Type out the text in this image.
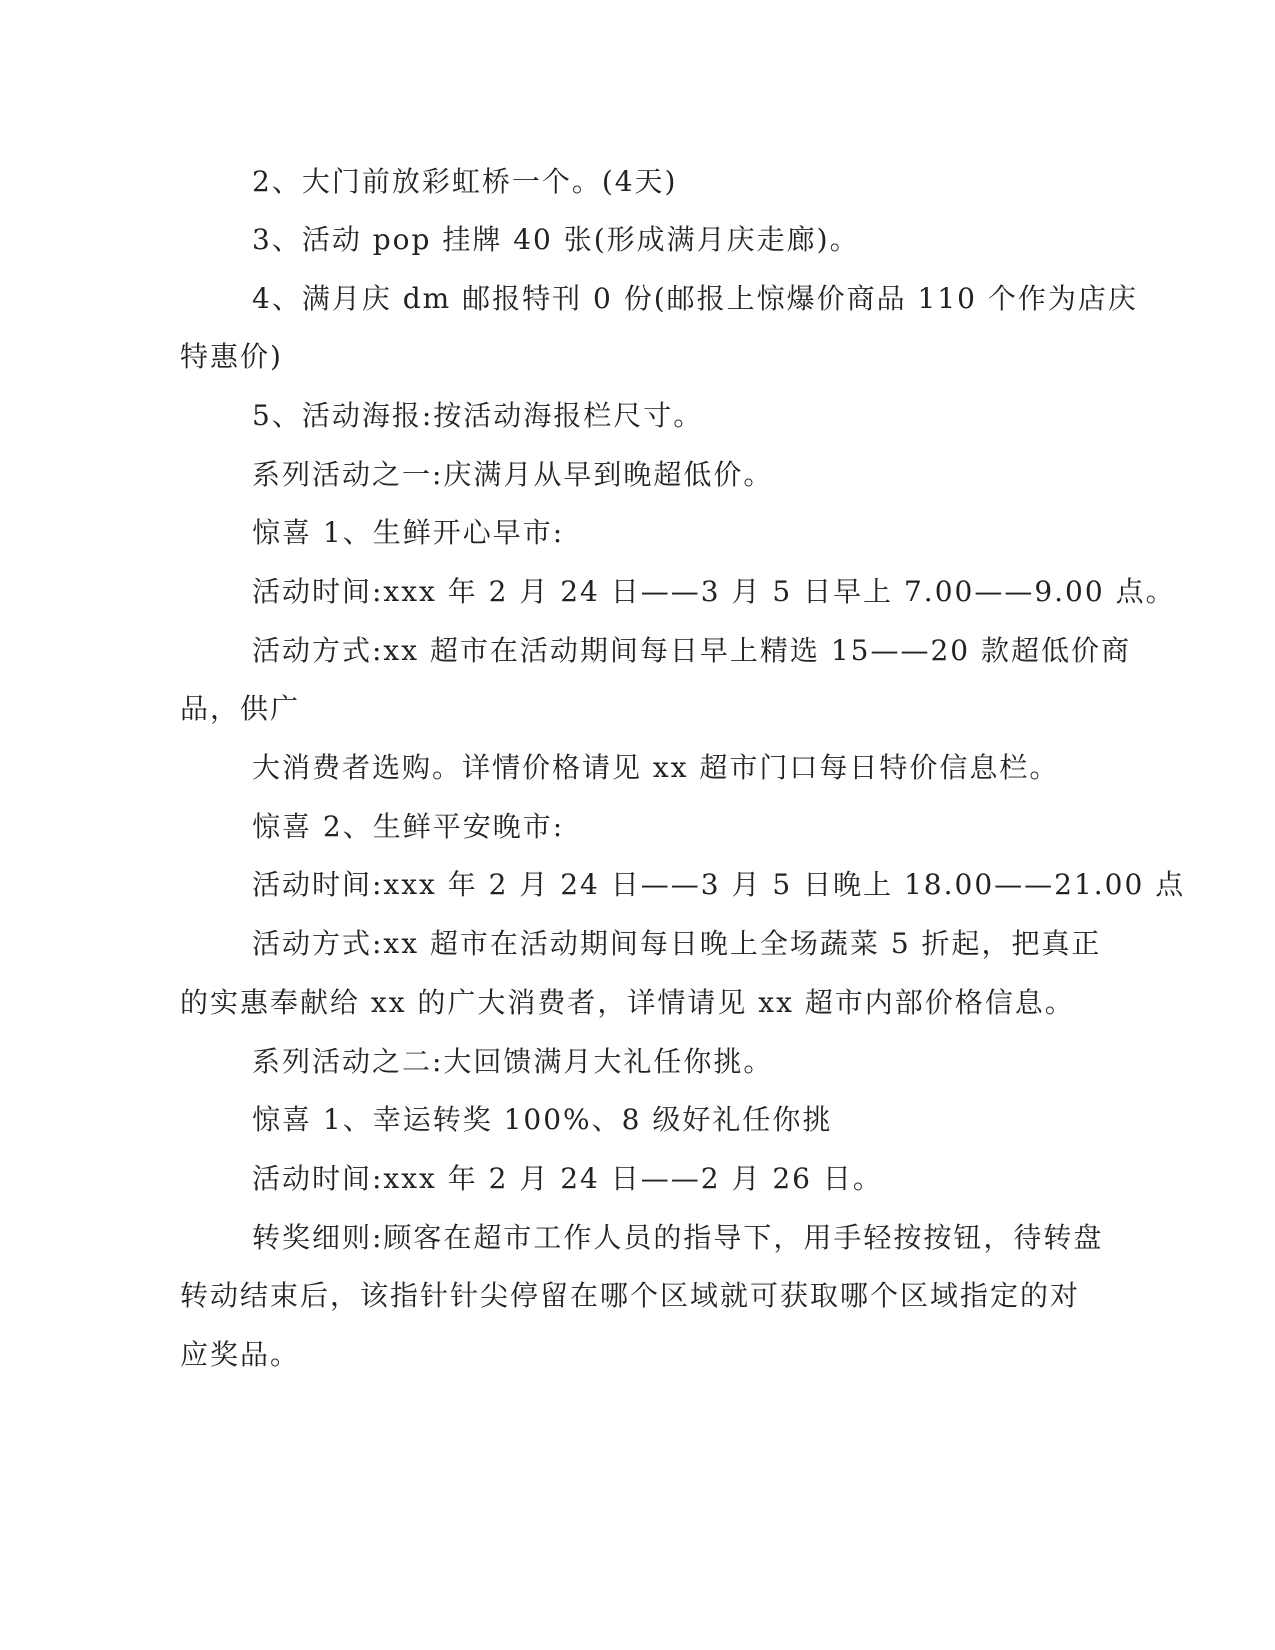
2、大门前放彩虹桥一个。(4天)
3、活动 pop 挂牌 40 张(形成满月庆走廊)。
4、满月庆 dm 邮报特刊 0 份(邮报上惊爆价商品 110 个作为店庆
特惠价)
5、活动海报:按活动海报栏尺寸。
系列活动之一:庆满月从早到晚超低价。
惊喜 1、生鲜开心早市:
活动时间:xxx 年 2 月 24 日——3 月 5 日早上 7.00——9.00 点。
活动方式:xx 超市在活动期间每日早上精选 15——20 款超低价商
品，供广
大消费者选购。详情价格请见 xx 超市门口每日特价信息栏。
惊喜 2、生鲜平安晚市:
活动时间:xxx 年 2 月 24 日——3 月 5 日晚上 18.00——21.00 点
活动方式:xx 超市在活动期间每日晚上全场蔬菜 5 折起，把真正
的实惠奉献给 xx 的广大消费者，详情请见 xx 超市内部价格信息。
系列活动之二:大回馈满月大礼任你挑。
惊喜 1、幸运转奖 100%、8 级好礼任你挑
活动时间:xxx 年 2 月 24 日——2 月 26 日。
转奖细则:顾客在超市工作人员的指导下，用手轻按按钮，待转盘
转动结束后，该指针针尖停留在哪个区域就可获取哪个区域指定的对
应奖品。
